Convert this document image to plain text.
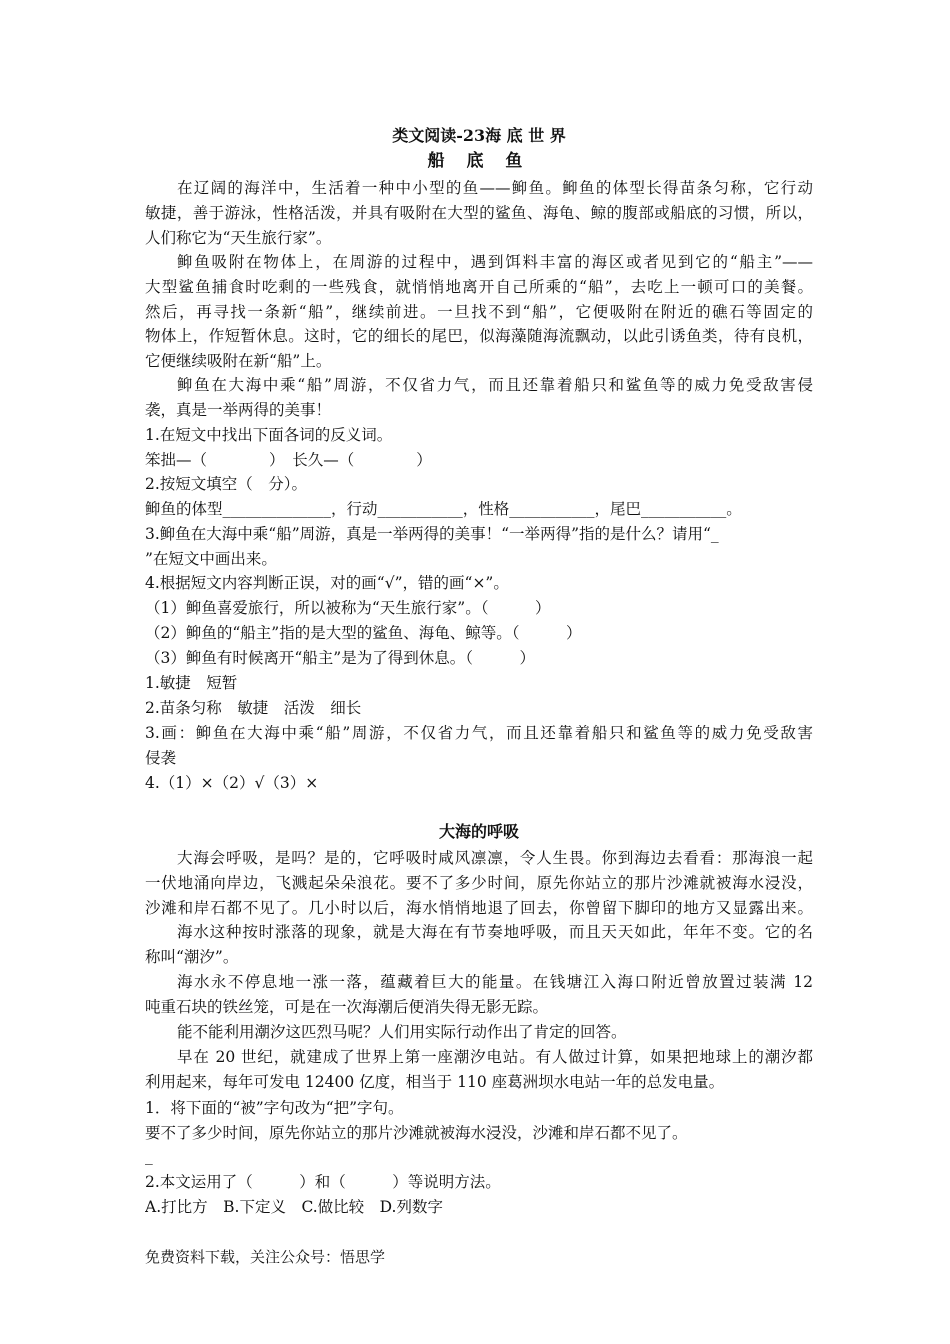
类文阅读-23海 底 世 界
船 底 鱼
在辽阔的海洋中，生活着一种中小型的鱼——䲟鱼。䲟鱼的体型长得苗条匀称，它行动
敏捷，善于游泳，性格活泼，并具有吸附在大型的鲨鱼、海龟、鲸的腹部或船底的习惯，所以，
人们称它为“天生旅行家”。
䲟鱼吸附在物体上，在周游的过程中，遇到饵料丰富的海区或者见到它的“船主”——
大型鲨鱼捕食时吃剩的一些残食，就悄悄地离开自己所乘的“船”，去吃上一顿可口的美餐。
然后，再寻找一条新“船”，继续前进。一旦找不到“船”，它便吸附在附近的礁石等固定的
物体上，作短暂休息。这时，它的细长的尾巴，似海藻随海流飘动，以此引诱鱼类，待有良机，
它便继续吸附在新“船”上。
䲟鱼在大海中乘“船”周游，不仅省力气，而且还靠着船只和鲨鱼等的威力免受敌害侵
袭，真是一举两得的美事！
1.在短文中找出下面各词的反义词。
笨拙—（　　　　）　长久—（　　　　）
2.按短文填空（　分）。
䲟鱼的体型______________，行动___________，性格___________，尾巴___________。
3.䲟鱼在大海中乘“船”周游，真是一举两得的美事！“一举两得”指的是什么？请用“_
”在短文中画出来。
4.根据短文内容判断正误，对的画“√”，错的画“×”。
（1）䲟鱼喜爱旅行，所以被称为“天生旅行家”。（　　　）
（2）䲟鱼的“船主”指的是大型的鲨鱼、海龟、鲸等。（　　　）
（3）䲟鱼有时候离开“船主”是为了得到休息。（　　　）
1.敏捷　短暂
2.苗条匀称　敏捷　活泼　细长
3.画：䲟鱼在大海中乘“船”周游，不仅省力气，而且还靠着船只和鲨鱼等的威力免受敌害
侵袭
4.（1）×（2）√（3）×
大海的呼吸
大海会呼吸，是吗？是的，它呼吸时咸风凛凛，令人生畏。你到海边去看看：那海浪一起
一伏地涌向岸边，飞溅起朵朵浪花。要不了多少时间，原先你站立的那片沙滩就被海水浸没，
沙滩和岸石都不见了。几小时以后，海水悄悄地退了回去，你曾留下脚印的地方又显露出来。
海水这种按时涨落的现象，就是大海在有节奏地呼吸，而且天天如此，年年不变。它的名
称叫“潮汐”。
海水永不停息地一涨一落，蕴藏着巨大的能量。在钱塘江入海口附近曾放置过装满 12
吨重石块的铁丝笼，可是在一次海潮后便消失得无影无踪。
能不能利用潮汐这匹烈马呢？人们用实际行动作出了肯定的回答。
早在 20 世纪，就建成了世界上第一座潮汐电站。有人做过计算，如果把地球上的潮汐都
利用起来，每年可发电 12400 亿度，相当于 110 座葛洲坝水电站一年的总发电量。
1．将下面的“被”字句改为“把”字句。
要不了多少时间，原先你站立的那片沙滩就被海水浸没，沙滩和岸石都不见了。
_
2.本文运用了（　　　）和（　　　）等说明方法。
A.打比方　B.下定义　C.做比较　D.列数字
免费资料下载，关注公众号：悟思学
